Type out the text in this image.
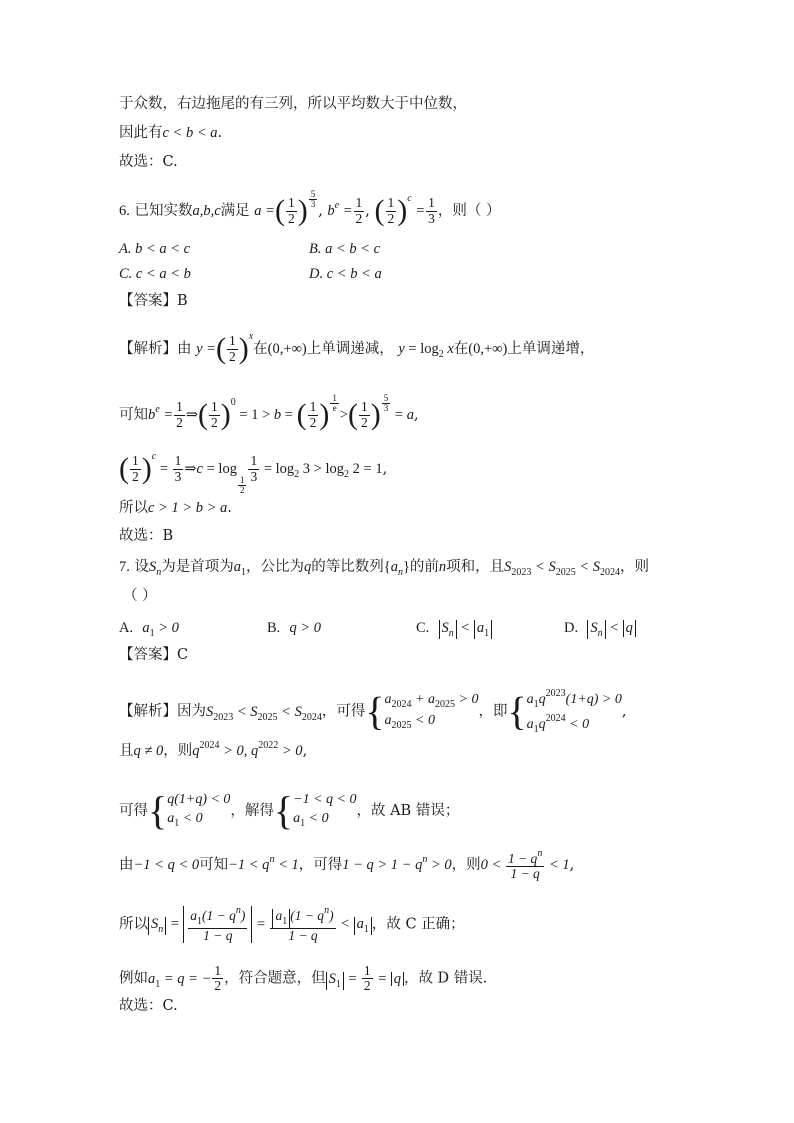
于众数，右边拖尾的有三列，所以平均数大于中位数，
因此有c < b < a.
故选：C.
6. 已知实数a,b,c满足 a =( $\frac{1}{2}$ ) $\frac{5}{3}$
, $b^e = \frac{1}{2}$ , ( $\frac{1}{2} )^c = \frac{1}{3}$ ，则（ ）
A. b < a < c	B. a < b < c
C. c < a < b	D. c < b < a
【答案】B
【解析】由 y =( $\frac{1}{2} )^x$在(0,+∞)上单调递减， $y = \log_2 x$在(0,+∞)上单调递增，
可知$b^e = \frac{1}{2}$ ⇒( $\frac{1}{2} )^0 = 1 > b$ = ( $\frac{1}{2}$ ) $\frac{1}{e}$
>( $\frac{1}{2}$ ) $\frac{5}{3}$
= a,
( $\frac{1}{2} )^c = \frac{1}{3}$ ⇒c = log
$\frac{1}{2}$
$\frac{1}{3} = \log_2 3 > \log_2 2 = 1$,
所以c > 1 > b > a.
故选：B
7. 设$S_n$为是首项为$a_1$，公比为q的等比数列$\{a_n\}$的前n项和，且$S_{2023} < S_{2025} < S_{2024}$，则
（ ）
A. $a_1 > 0$	B. q > 0	C. $S_n < a_1$	D. $S_n < q$
【答案】C
【解析】因为$S_{2023} < S_{2025} < S_{2024}$，可得{ $a_{2024} + a_{2025} > 0$
$a_{2025} < 0$
，即{ $a_1q^{2023}(1+q) > 0$
$a_1q^{2024} < 0$
,
且q ≠ 0，则$q^{2024} > 0$, $q^{2022} > 0$,
可得{ q(1+q) < 0
$a_1 < 0$	，解得{ −1 < q < 0
$a_1 < 0$	，故 AB 错误；
由−1 < q < 0可知$-1 < q^n < 1$，可得$1 - q > 1 - q^n > 0$，则$0 < \frac{1 - q^n}{1 - q} < 1$,
所以 $S_n = \frac{a_1(1 - q^n)}{1 - q} = \frac{a_1 (1 - q^n)}{1 - q} < a_1$ ，故 C 正确；
例如$a_1 = q$ = − $\frac{1}{2}$ ，符合题意，但 $S_1 = \frac{1}{2} = q$ ，故 D 错误.
故选：C.
